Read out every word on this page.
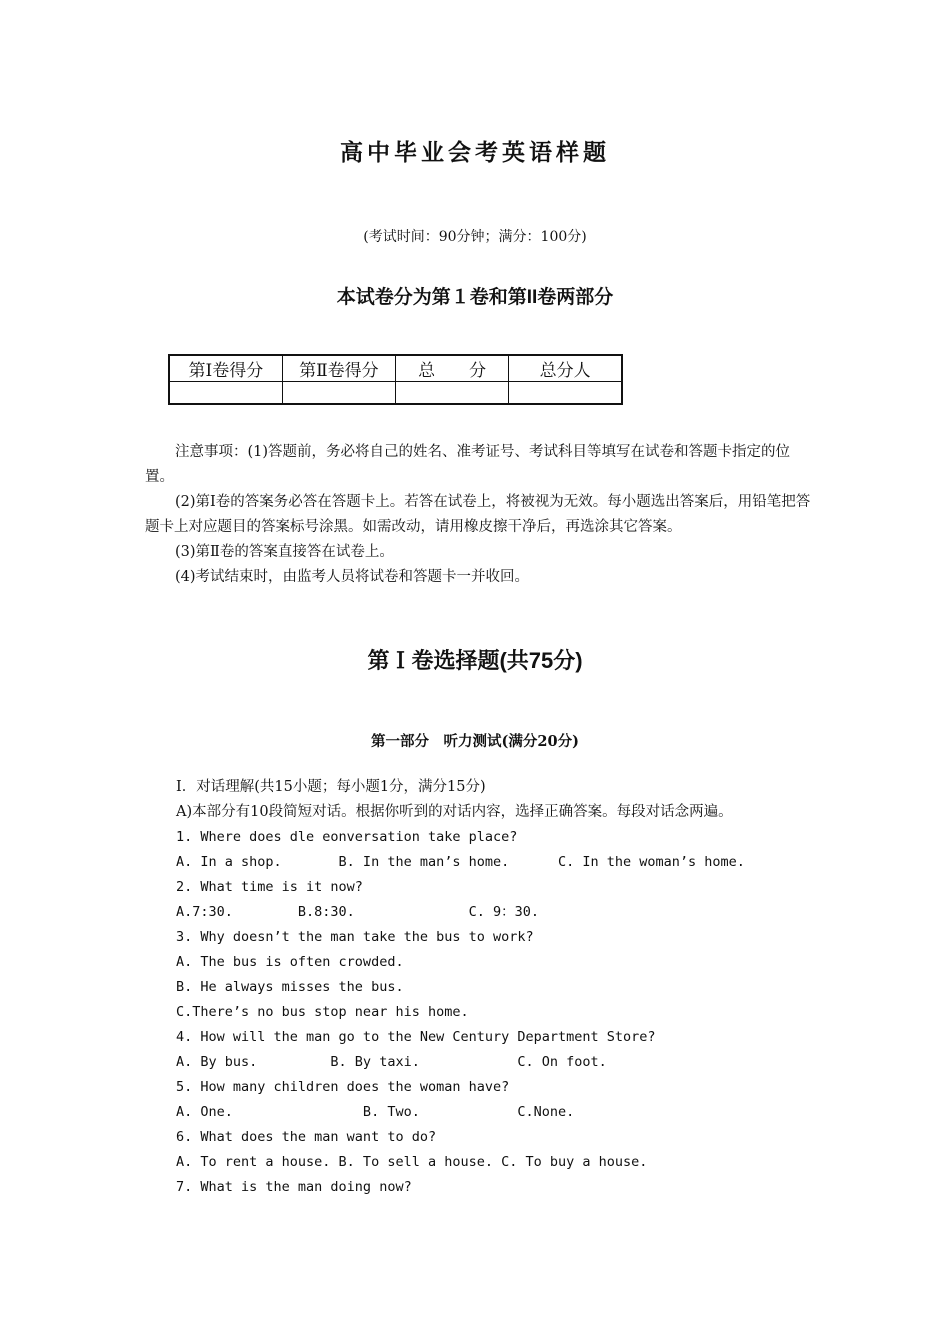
高中毕业会考英语样题
(考试时间：90分钟；满分：100分)
本试卷分为第１卷和第II卷两部分
第Ⅰ卷得分	第Ⅱ卷得分	总　　分	总分人

注意事项：(1)答题前，务必将自己的姓名、准考证号、考试科目等填写在试卷和答题卡指定的位置。

(2)第Ⅰ卷的答案务必答在答题卡上。若答在试卷上，将被视为无效。每小题选出答案后，用铅笔把答题卡上对应题目的答案标号涂黑。如需改动，请用橡皮擦干净后，再选涂其它答案。

(3)第Ⅱ卷的答案直接答在试卷上。

(4)考试结束时，由监考人员将试卷和答题卡一并收回。

第Ｉ卷选择题(共75分)
第一部分　听力测试(满分20分)
Ⅰ．对话理解(共15小题；每小题1分，满分15分)
A)本部分有10段简短对话。根据你听到的对话内容，选择正确答案。每段对话念两遍。
1. Where does dle eonversation take place?
A. In a shop.       B. In the man’s home.      C. In the woman’s home.
2. What time is it now?
A.7:30.        B.8:30.              C. 9：30.
3. Why doesn’t the man take the bus to work?
A. The bus is often crowded.
B. He always misses the bus.
C.There’s no bus stop near his home.
4. How will the man go to the New Century Department Store?
A. By bus.         B. By taxi.            C. On foot.
5. How many children does the woman have?
A. One.                B. Two.            C.None.
6. What does the man want to do?
A. To rent a house. B. To sell a house. C. To buy a house.
7. What is the man doing now?
